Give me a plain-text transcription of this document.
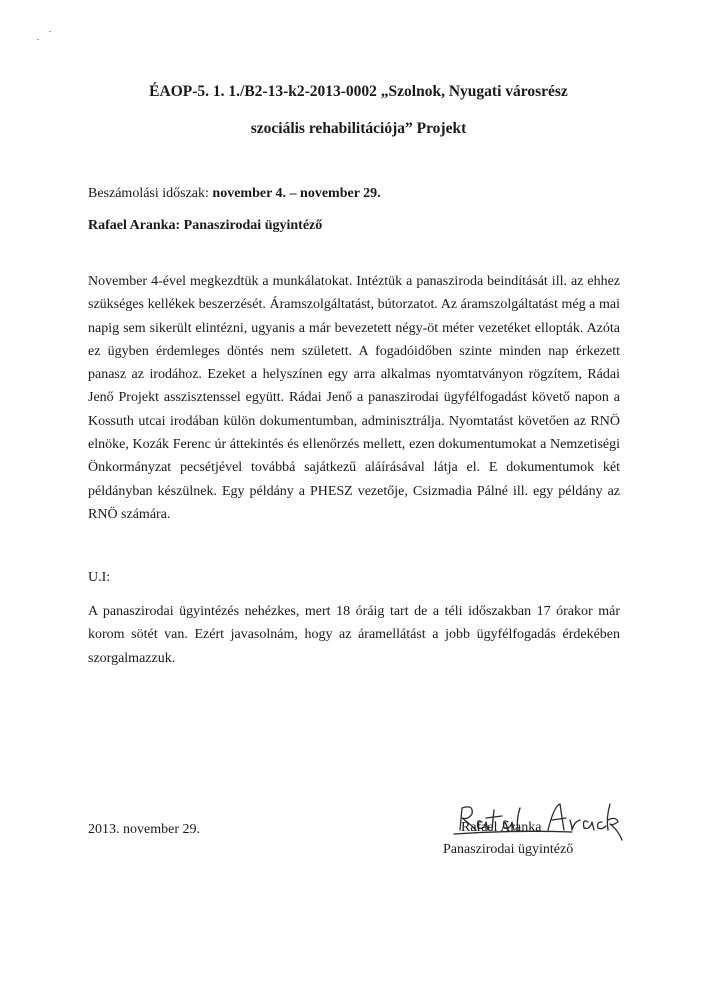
ÉAOP-5. 1. 1./B2-13-k2-2013-0002 „Szolnok, Nyugati városrész
szociális rehabilitációja” Projekt
Beszámolási időszak: november 4. – november 29.
Rafael Aranka: Panaszirodai ügyintéző

November 4-ével megkezdtük a munkálatokat. Intéztük a panasziroda beindítását ill. az ehhez szükséges kellékek beszerzését. Áramszolgáltatást, bútorzatot. Az áramszolgáltatást még a mai napig sem sikerült elintézni, ugyanis a már bevezetett négy-öt méter vezetéket ellopták. Azóta ez ügyben érdemleges döntés nem született. A fogadóidőben szinte minden nap érkezett panasz az irodához. Ezeket a helyszínen egy arra alkalmas nyomtatványon rögzítem, Rádai Jenő Projekt asszisztenssel együtt. Rádai Jenő a panaszirodai ügyfélfogadást követő napon a Kossuth utcai irodában külön dokumentumban, adminisztrálja. Nyomtatást követően az RNÖ elnöke, Kozák Ferenc úr áttekintés és ellenőrzés mellett, ezen dokumentumokat a Nemzetiségi Önkormányzat pecsétjével továbbá sajátkezű aláírásával látja el. E dokumentumok két példányban készülnek. Egy példány a PHESZ vezetője, Csizmadia Pálné ill. egy példány az RNÖ számára.

U.I:

A panaszirodai ügyintézés nehézkes, mert 18 óráig tart de a téli időszakban 17 órakor már korom sötét van. Ezért javasolnám, hogy az áramellátást a jobb ügyfélfogadás érdekében szorgalmazzuk.

2013. november 29.	Rafael Aranka
Panaszirodai ügyintéző
